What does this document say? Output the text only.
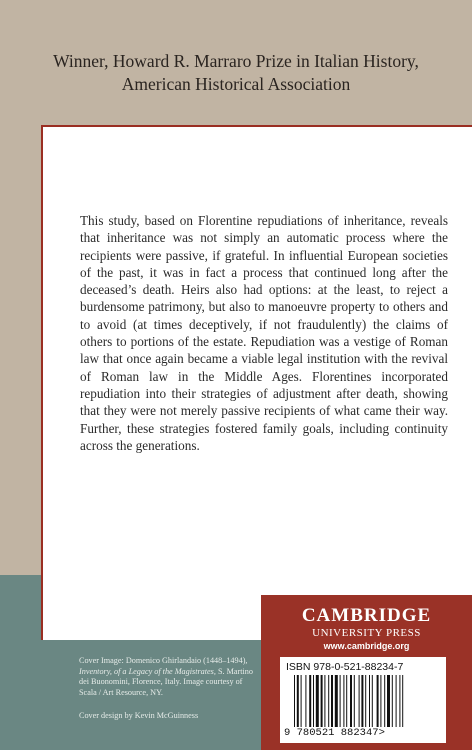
Winner, Howard R. Marraro Prize in Italian History,
American Historical Association

This study, based on Florentine repudiations of inheritance, reveals that inheritance was not simply an automatic process where the recipients were passive, if grateful. In influential European societies of the past, it was in fact a process that continued long after the deceased’s death. Heirs also had options: at the least, to reject a burdensome patrimony, but also to manoeuvre property to others and to avoid (at times deceptively, if not fraudulently) the claims of others to portions of the estate. Repudiation was a vestige of Roman law that once again became a viable legal institution with the revival of Roman law in the Middle Ages. Florentines incorporated repudiation into their strategies of adjustment after death, showing that they were not merely passive recipients of what came their way. Further, these strategies fostered family goals, including continuity across the generations.

Cover Image: Domenico Ghirlandaio (1448–1494), Inventory, of a Legacy of the Magistrates, S. Martino dei Buonomini, Florence, Italy. Image courtesy of Scala / Art Resource, NY.

Cover design by Kevin McGuinness

CAMBRIDGE
UNIVERSITY PRESS
www.cambridge.org
ISBN 978-0-521-88234-7
9 780521 882347>
